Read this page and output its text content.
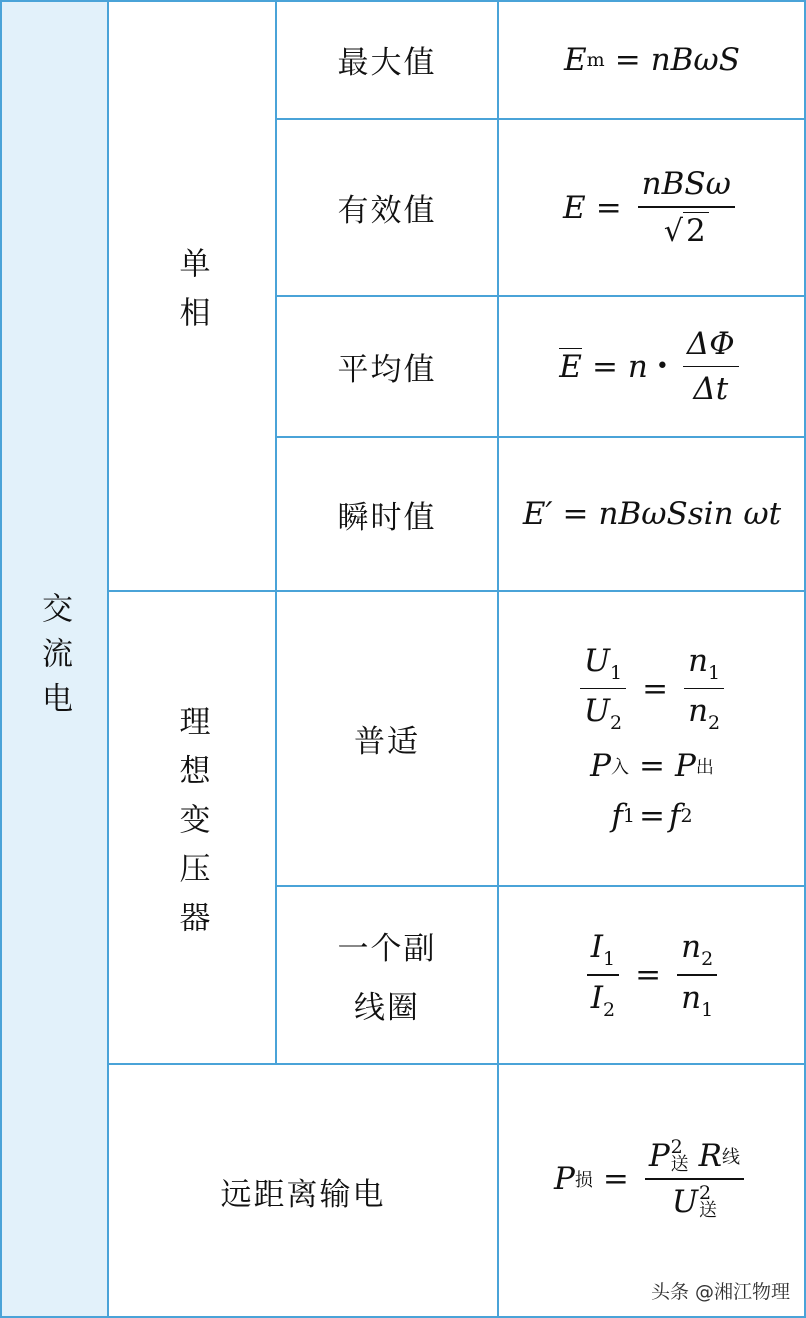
交流电
单相
理想变压器
远距离输电
最大值
有效值
平均值
瞬时值
普适
一个副
线圈
E m = nBωS
$E = \frac{\text{nBSω}}{√ 2}$
E = n • $\frac{\Delta\Phi}{\Delta t}$
E′ = nBωSsin ωt
$\frac{U_1}{U_2} = \frac{n_1}{n_2}$
P 入 = P 出
f 1 = f 2
$\frac{I_1}{I_2} = \frac{n_2}{n_1}$
P 损 = P 2
送 R 线
U 2
送
头条 @湘江物理
